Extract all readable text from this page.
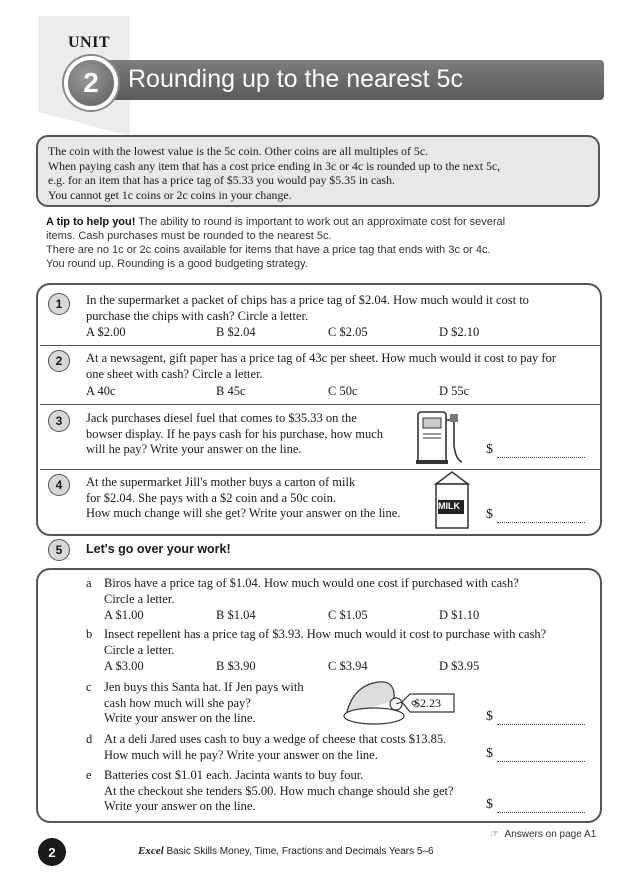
UNIT
Rounding up to the nearest 5c
2

The coin with the lowest value is the 5c coin. Other coins are all multiples of 5c.

When paying cash any item that has a cost price ending in 3c or 4c is rounded up to the next 5c,

e.g. for an item that has a price tag of $5.33 you would pay $5.35 in cash.

You cannot get 1c coins or 2c coins in your change.

A tip to help you! The ability to round is important to work out an approximate cost for several
items. Cash purchases must be rounded to the nearest 5c.
There are no 1c or 2c coins available for items that have a price tag that ends with 3c or 4c.
You round up. Rounding is a good budgeting strategy.
1	In the supermarket a packet of chips has a price tag of $2.04. How much would it cost to
purchase the chips with cash? Circle a letter.
A $2.00	B $2.04	C $2.05	D $2.10
2	At a newsagent, gift paper has a price tag of 43c per sheet. How much would it cost to pay for
one sheet with cash? Circle a letter.
A 40c	B 45c	C 50c	D 55c
3	Jack purchases diesel fuel that comes to $35.33 on the
bowser display. If he pays cash for his purchase, how much
will he pay? Write your answer on the line.	$
4	At the supermarket Jill's mother buys a carton of milk
for $2.04. She pays with a $2 coin and a 50c coin.
How much change will she get? Write your answer on the line.	MILK
$
5	Let's go over your work!
a Biros have a price tag of $1.04. How much would one cost if purchased with cash?
Circle a letter.
A $1.00	B $1.04	C $1.05	D $1.10
b Insect repellent has a price tag of $3.93. How much would it cost to purchase with cash?
Circle a letter.
A $3.00	B $3.90	C $3.94	D $3.95
c Jen buys this Santa hat. If Jen pays with
cash how much will she pay?
Write your answer on the line.
$2.23
$
d At a deli Jared uses cash to buy a wedge of cheese that costs $13.85.
How much will he pay? Write your answer on the line.	$
e Batteries cost $1.01 each. Jacinta wants to buy four.
At the checkout she tenders $5.00. How much change should she get?
Write your answer on the line.	$
☞ Answers on page A1
2	Excel Basic Skills Money, Time, Fractions and Decimals Years 5–6
